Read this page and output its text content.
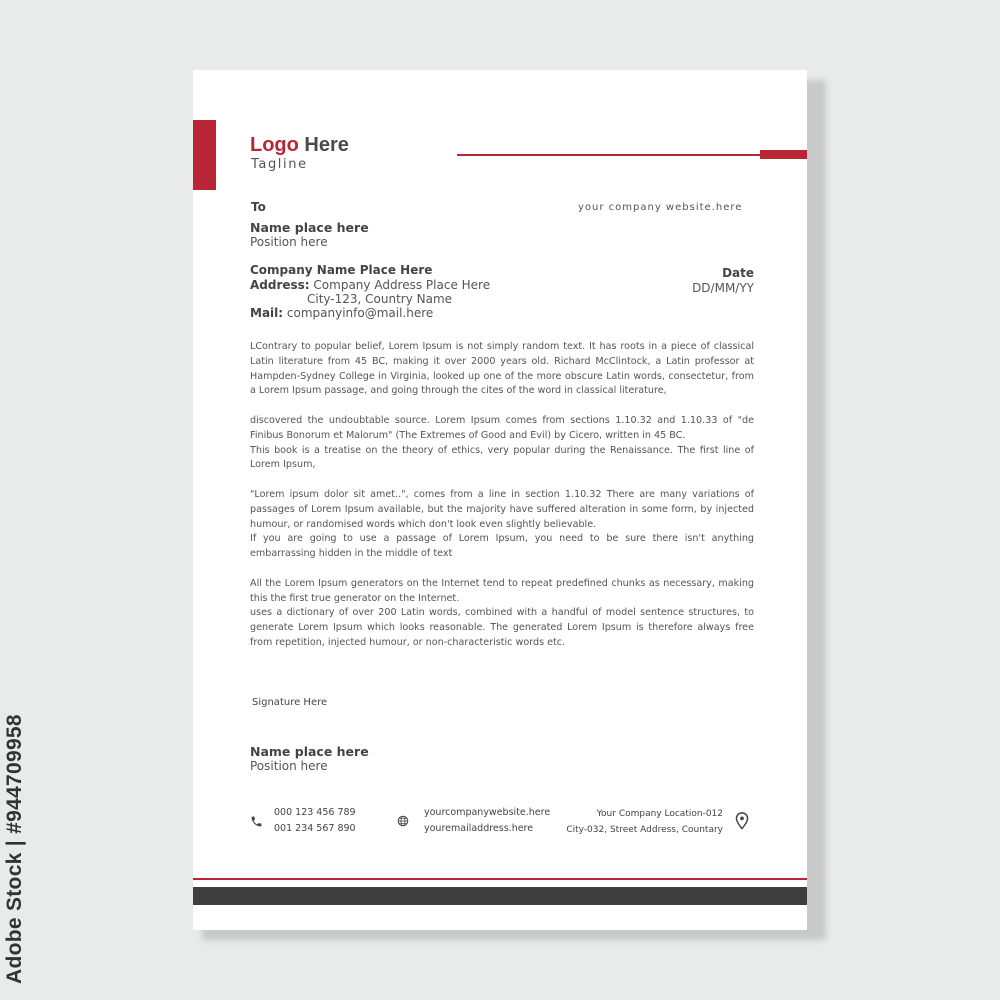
Adobe Stock | #944709958
Logo Here
Tagline
To	your company website.here
Name place here
Position here
Company Name Place Here
Address: Company Address Place Here
City-123, Country Name
Mail: companyinfo@mail.here
Date
DD/MM/YY

LContrary to popular belief, Lorem Ipsum is not simply random text. It has roots in a piece of classical Latin literature from 45 BC, making it over 2000 years old. Richard McClintock, a Latin professor at Hampden-Sydney College in Virginia, looked up one of the more obscure Latin words, consectetur, from a Lorem Ipsum passage, and going through the cites of the word in classical literature,

discovered the undoubtable source. Lorem Ipsum comes from sections 1.10.32 and 1.10.33 of "de Finibus Bonorum et Malorum" (The Extremes of Good and Evil) by Cicero, written in 45 BC.
This book is a treatise on the theory of ethics, very popular during the Renaissance. The first line of Lorem Ipsum,

"Lorem ipsum dolor sit amet..", comes from a line in section 1.10.32 There are many variations of passages of Lorem Ipsum available, but the majority have suffered alteration in some form, by injected humour, or randomised words which don't look even slightly believable.
If you are going to use a passage of Lorem Ipsum, you need to be sure there isn't anything embarrassing hidden in the middle of text

All the Lorem Ipsum generators on the Internet tend to repeat predefined chunks as necessary, making this the first true generator on the Internet.
uses a dictionary of over 200 Latin words, combined with a handful of model sentence structures, to generate Lorem Ipsum which looks reasonable. The generated Lorem Ipsum is therefore always free from repetition, injected humour, or non-characteristic words etc.

Signature Here
Name place here
Position here
000 123 456 789
001 234 567 890
yourcompanywebsite.here
youremailaddress.here
Your Company Location-012
City-032, Street Address, Countary
